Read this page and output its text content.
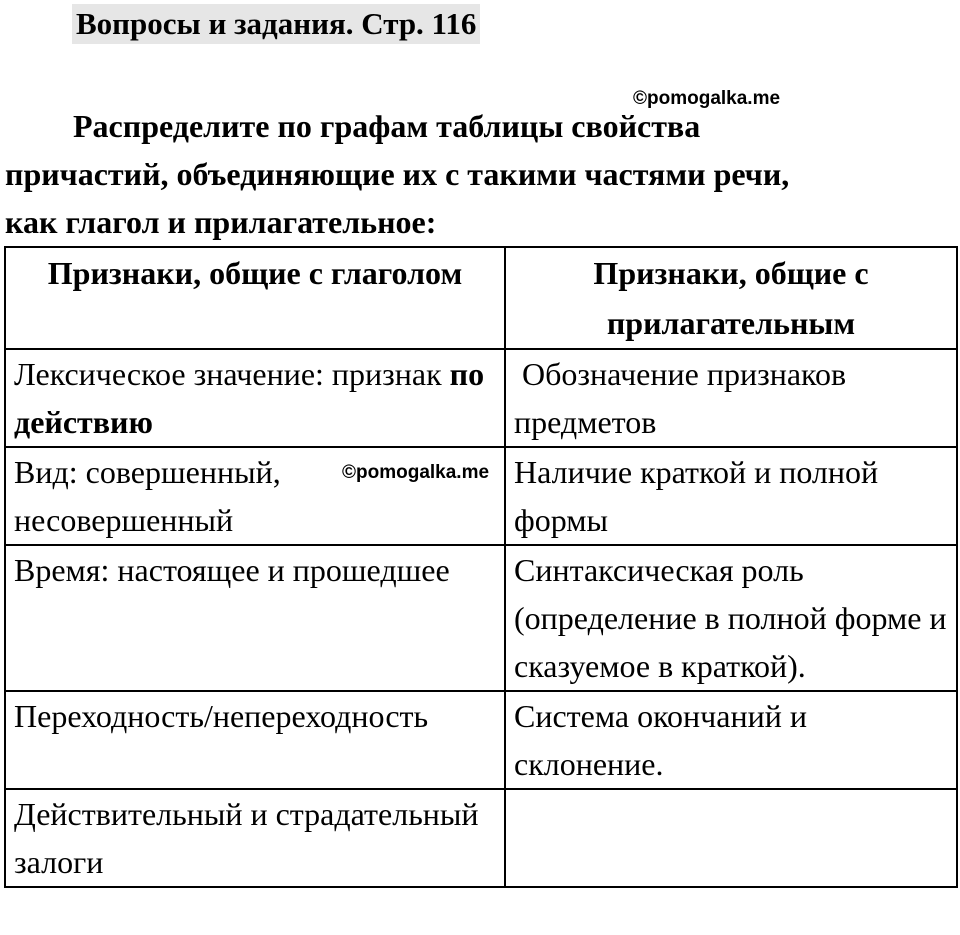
Вопросы и задания. Стр. 116
©pomogalka.me
Распределите по графам таблицы свойства
причастий, объединяющие их с такими частями речи,
как глагол и прилагательное:
Признаки, общие с глаголом	Признаки, общие с прилагательным
Лексическое значение: признак по действию	Обозначение признаков предметов
Вид: совершенный, несовершенный	Наличие краткой и полной формы
Время: настоящее и прошедшее	Синтаксическая роль (определение в полной форме и сказуемое в краткой).
Переходность/непереходность	Система окончаний и склонение.
Действительный и страдательный залоги	
©pomogalka.me
